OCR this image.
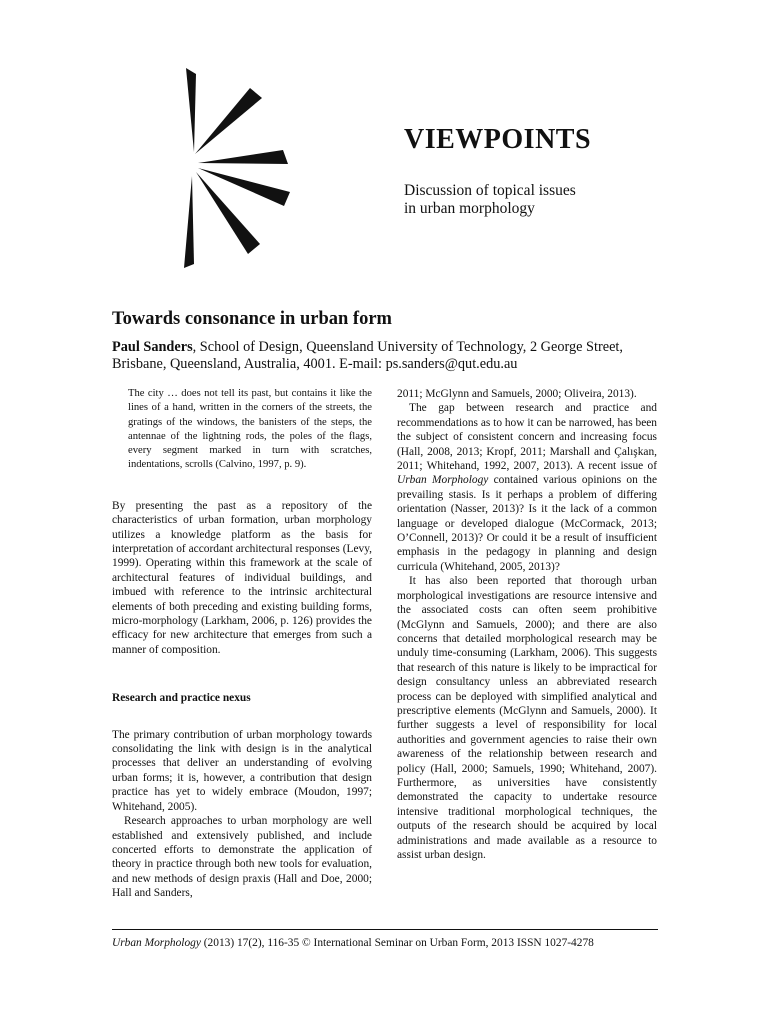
VIEWPOINTS
Discussion of topical issues
in urban morphology
Towards consonance in urban form
Paul Sanders, School of Design, Queensland University of Technology, 2 George Street,
Brisbane, Queensland, Australia, 4001. E-mail: ps.sanders@qut.edu.au

The city … does not tell its past, but contains it like the lines of a hand, written in the corners of the streets, the gratings of the windows, the banisters of the steps, the antennae of the lightning rods, the poles of the flags, every segment marked in turn with scratches, indentations, scrolls (Calvino, 1997, p. 9).

By presenting the past as a repository of the characteristics of urban formation, urban morphology utilizes a knowledge platform as the basis for interpretation of accordant architectural responses (Levy, 1999). Operating within this framework at the scale of architectural features of individual buildings, and imbued with reference to the intrinsic architectural elements of both preceding and existing building forms, micro-morphology (Larkham, 2006, p. 126) provides the efficacy for new architecture that emerges from such a manner of composition.

Research and practice nexus

The primary contribution of urban morphology towards consolidating the link with design is in the analytical processes that deliver an understanding of evolving urban forms; it is, however, a contribution that design practice has yet to widely embrace (Moudon, 1997; Whitehand, 2005).

Research approaches to urban morphology are well established and extensively published, and include concerted efforts to demonstrate the application of theory in practice through both new tools for evaluation, and new methods of design praxis (Hall and Doe, 2000; Hall and Sanders,

2011; McGlynn and Samuels, 2000; Oliveira, 2013).

The gap between research and practice and recommendations as to how it can be narrowed, has been the subject of consistent concern and increasing focus (Hall, 2008, 2013; Kropf, 2011; Marshall and Çalışkan, 2011; Whitehand, 1992, 2007, 2013). A recent issue of Urban Morphology contained various opinions on the prevailing stasis. Is it perhaps a problem of differing orientation (Nasser, 2013)? Is it the lack of a common language or developed dialogue (McCormack, 2013; O’Connell, 2013)? Or could it be a result of insufficient emphasis in the pedagogy in planning and design curricula (Whitehand, 2005, 2013)?

It has also been reported that thorough urban morphological investigations are resource intensive and the associated costs can often seem prohibitive (McGlynn and Samuels, 2000); and there are also concerns that detailed morphological research may be unduly time-consuming (Larkham, 2006). This suggests that research of this nature is likely to be impractical for design consultancy unless an abbreviated research process can be deployed with simplified analytical and prescriptive elements (McGlynn and Samuels, 2000). It further suggests a level of responsibility for local authorities and government agencies to raise their own awareness of the relationship between research and policy (Hall, 2000; Samuels, 1990; Whitehand, 2007). Furthermore, as universities have consistently demonstrated the capacity to undertake resource intensive traditional morphological techniques, the outputs of the research should be acquired by local administrations and made available as a resource to assist urban design.

Urban Morphology (2013) 17(2), 116-35 © International Seminar on Urban Form, 2013 ISSN 1027-4278
